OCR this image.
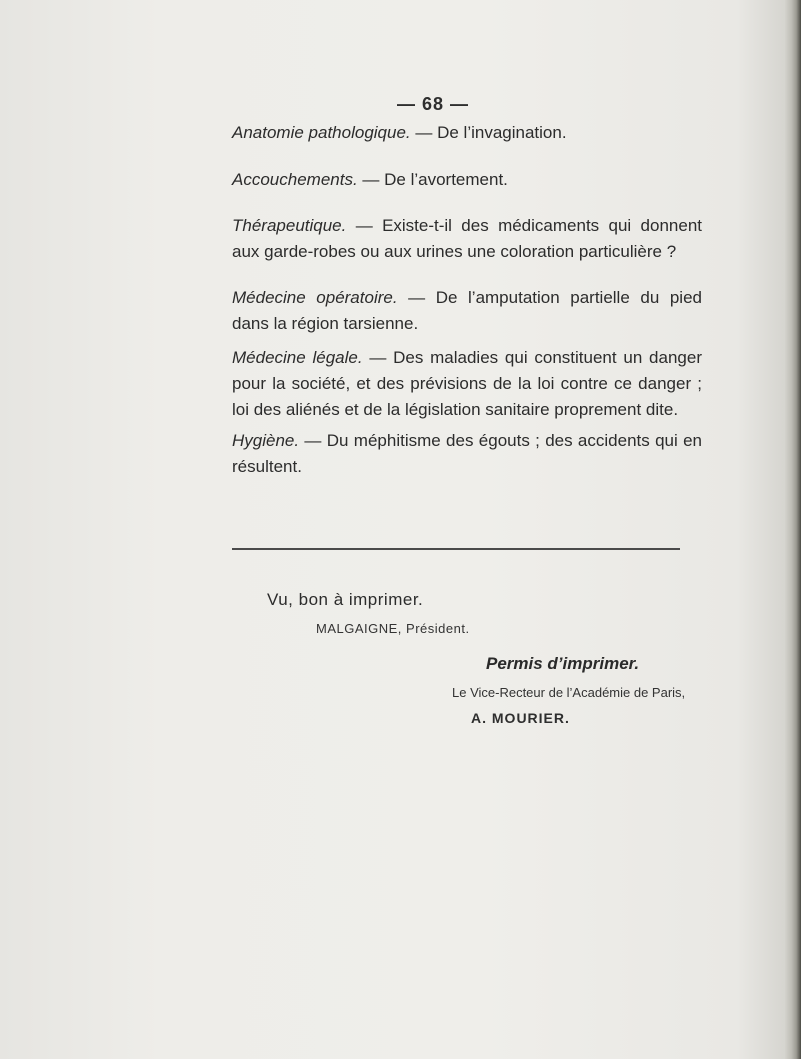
— 68 —
Anatomie pathologique. — De l’invagination.
Accouchements. — De l’avortement.
Thérapeutique. — Existe-t-il des médicaments qui donnent aux garde-robes ou aux urines une coloration particulière ?
Médecine opératoire. — De l’amputation partielle du pied dans la région tarsienne.
Médecine légale. — Des maladies qui constituent un danger pour la société, et des prévisions de la loi contre ce danger ; loi des aliénés et de la législation sanitaire proprement dite.
Hygiène. — Du méphitisme des égouts ; des accidents qui en résultent.
Vu, bon à imprimer.
MALGAIGNE, Président.
Permis d’imprimer.
Le Vice-Recteur de l’Académie de Paris,
A. MOURIER.
